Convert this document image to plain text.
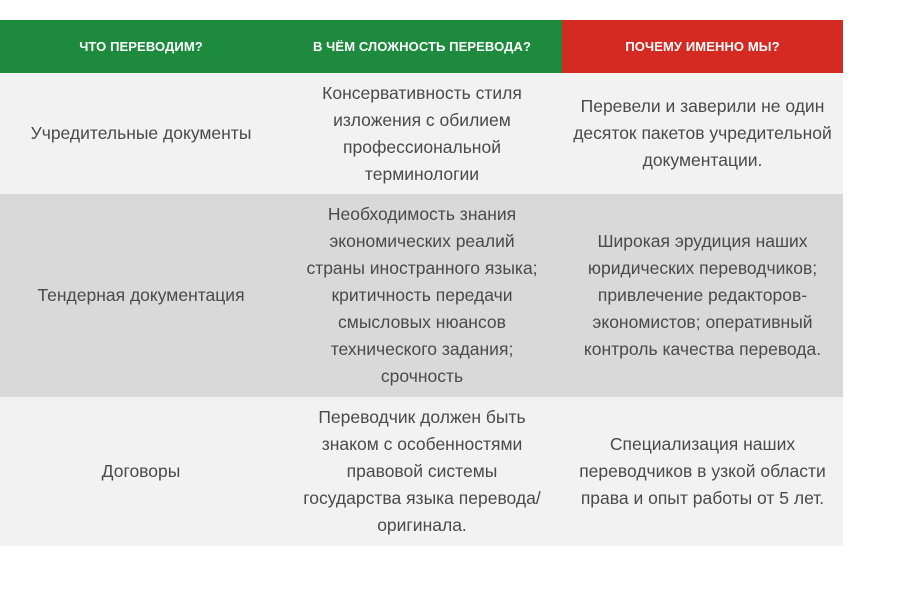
ЧТО ПЕРЕВОДИМ?	В ЧЁМ СЛОЖНОСТЬ ПЕРЕВОДА?	ПОЧЕМУ ИМЕННО МЫ?
Учредительные документы
Консервативность стиля изложения с обилием профессиональной терминологии
Перевели и заверили не один десяток пакетов учредительной документации.
Тендерная документация
Необходимость знания экономических реалий страны иностранного языка; критичность передачи смысловых нюансов технического задания; срочность
Широкая эрудиция наших юридических переводчиков; привлечение редакторов-экономистов; оперативный контроль качества перевода.
Договоры
Переводчик должен быть знаком с особенностями правовой системы государства языка перевода/оригинала.
Специализация наших переводчиков в узкой области права и опыт работы от 5 лет.
